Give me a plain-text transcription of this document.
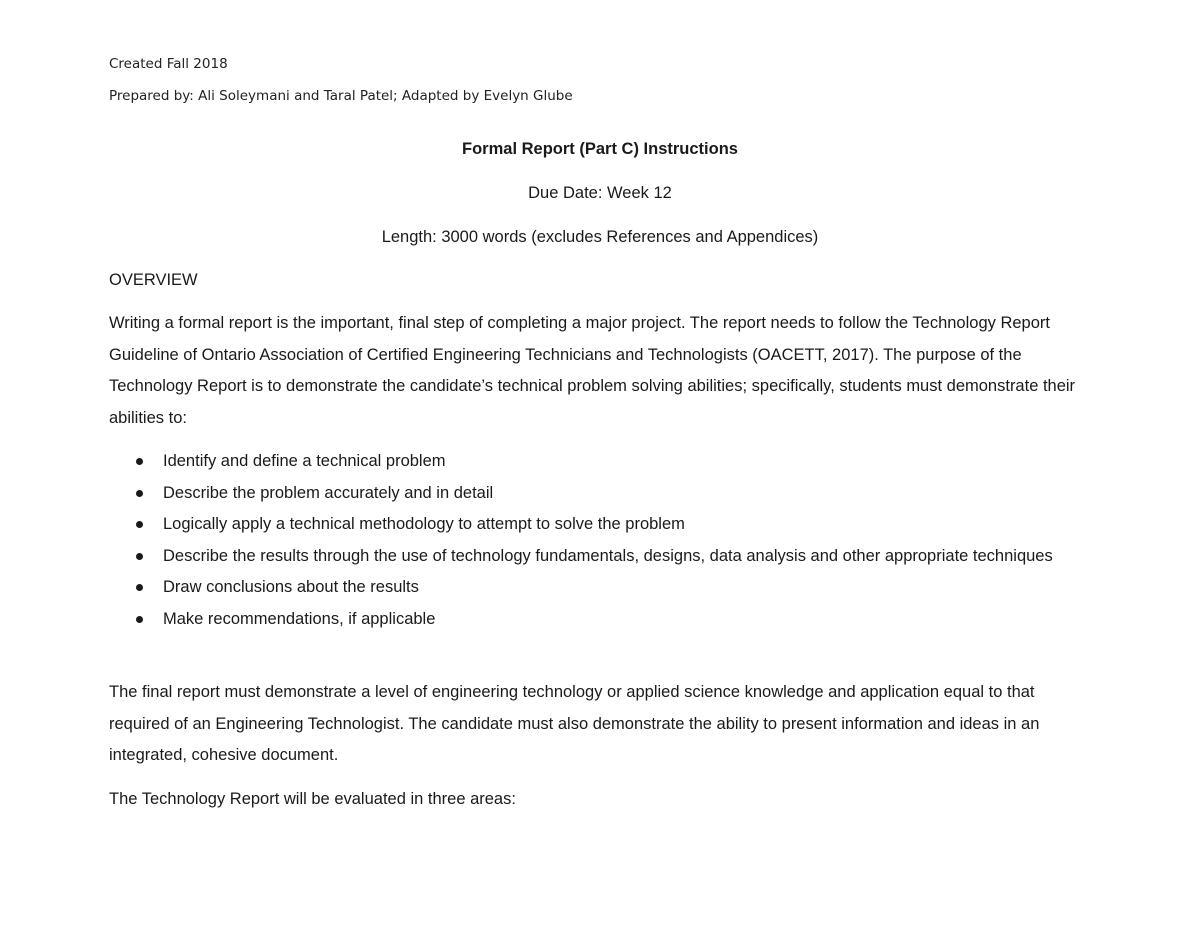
Created Fall 2018
Prepared by: Ali Soleymani and Taral Patel; Adapted by Evelyn Glube
Formal Report (Part C) Instructions
Due Date: Week 12
Length: 3000 words (excludes References and Appendices)
OVERVIEW

Writing a formal report is the important, final step of completing a major project. The report needs to follow the Technology Report Guideline of Ontario Association of Certified Engineering Technicians and Technologists (OACETT, 2017). The purpose of the Technology Report is to demonstrate the candidate’s technical problem solving abilities; specifically, students must demonstrate their abilities to:

Identify and define a technical problem
Describe the problem accurately and in detail
Logically apply a technical methodology to attempt to solve the problem
Describe the results through the use of technology fundamentals, designs, data analysis and other appropriate techniques
Draw conclusions about the results
Make recommendations, if applicable

The final report must demonstrate a level of engineering technology or applied science knowledge and application equal to that required of an Engineering Technologist. The candidate must also demonstrate the ability to present information and ideas in an integrated, cohesive document.

The Technology Report will be evaluated in three areas:
